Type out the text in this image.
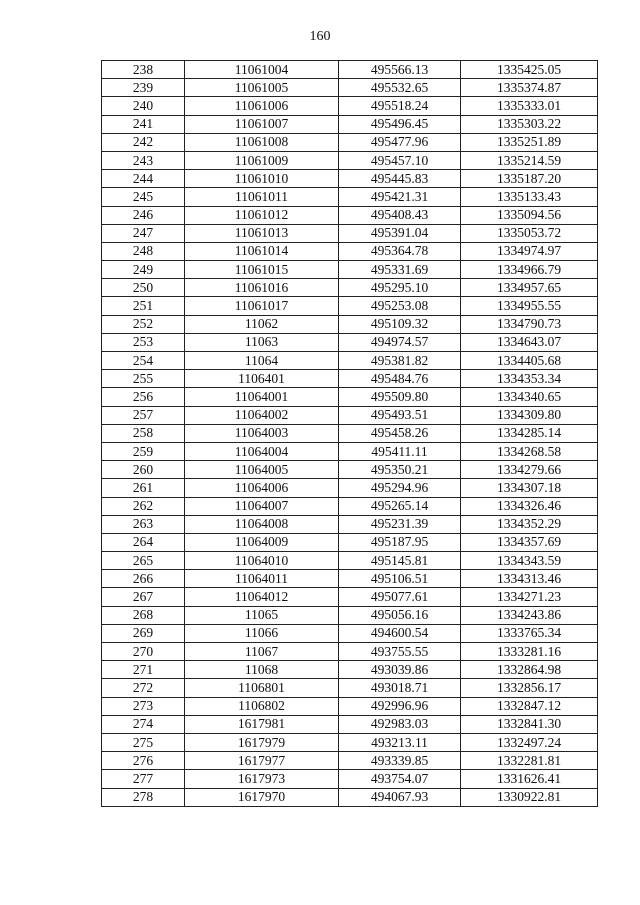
160
238	11061004	495566.13	1335425.05
239	11061005	495532.65	1335374.87
240	11061006	495518.24	1335333.01
241	11061007	495496.45	1335303.22
242	11061008	495477.96	1335251.89
243	11061009	495457.10	1335214.59
244	11061010	495445.83	1335187.20
245	11061011	495421.31	1335133.43
246	11061012	495408.43	1335094.56
247	11061013	495391.04	1335053.72
248	11061014	495364.78	1334974.97
249	11061015	495331.69	1334966.79
250	11061016	495295.10	1334957.65
251	11061017	495253.08	1334955.55
252	11062	495109.32	1334790.73
253	11063	494974.57	1334643.07
254	11064	495381.82	1334405.68
255	1106401	495484.76	1334353.34
256	11064001	495509.80	1334340.65
257	11064002	495493.51	1334309.80
258	11064003	495458.26	1334285.14
259	11064004	495411.11	1334268.58
260	11064005	495350.21	1334279.66
261	11064006	495294.96	1334307.18
262	11064007	495265.14	1334326.46
263	11064008	495231.39	1334352.29
264	11064009	495187.95	1334357.69
265	11064010	495145.81	1334343.59
266	11064011	495106.51	1334313.46
267	11064012	495077.61	1334271.23
268	11065	495056.16	1334243.86
269	11066	494600.54	1333765.34
270	11067	493755.55	1333281.16
271	11068	493039.86	1332864.98
272	1106801	493018.71	1332856.17
273	1106802	492996.96	1332847.12
274	1617981	492983.03	1332841.30
275	1617979	493213.11	1332497.24
276	1617977	493339.85	1332281.81
277	1617973	493754.07	1331626.41
278	1617970	494067.93	1330922.81
